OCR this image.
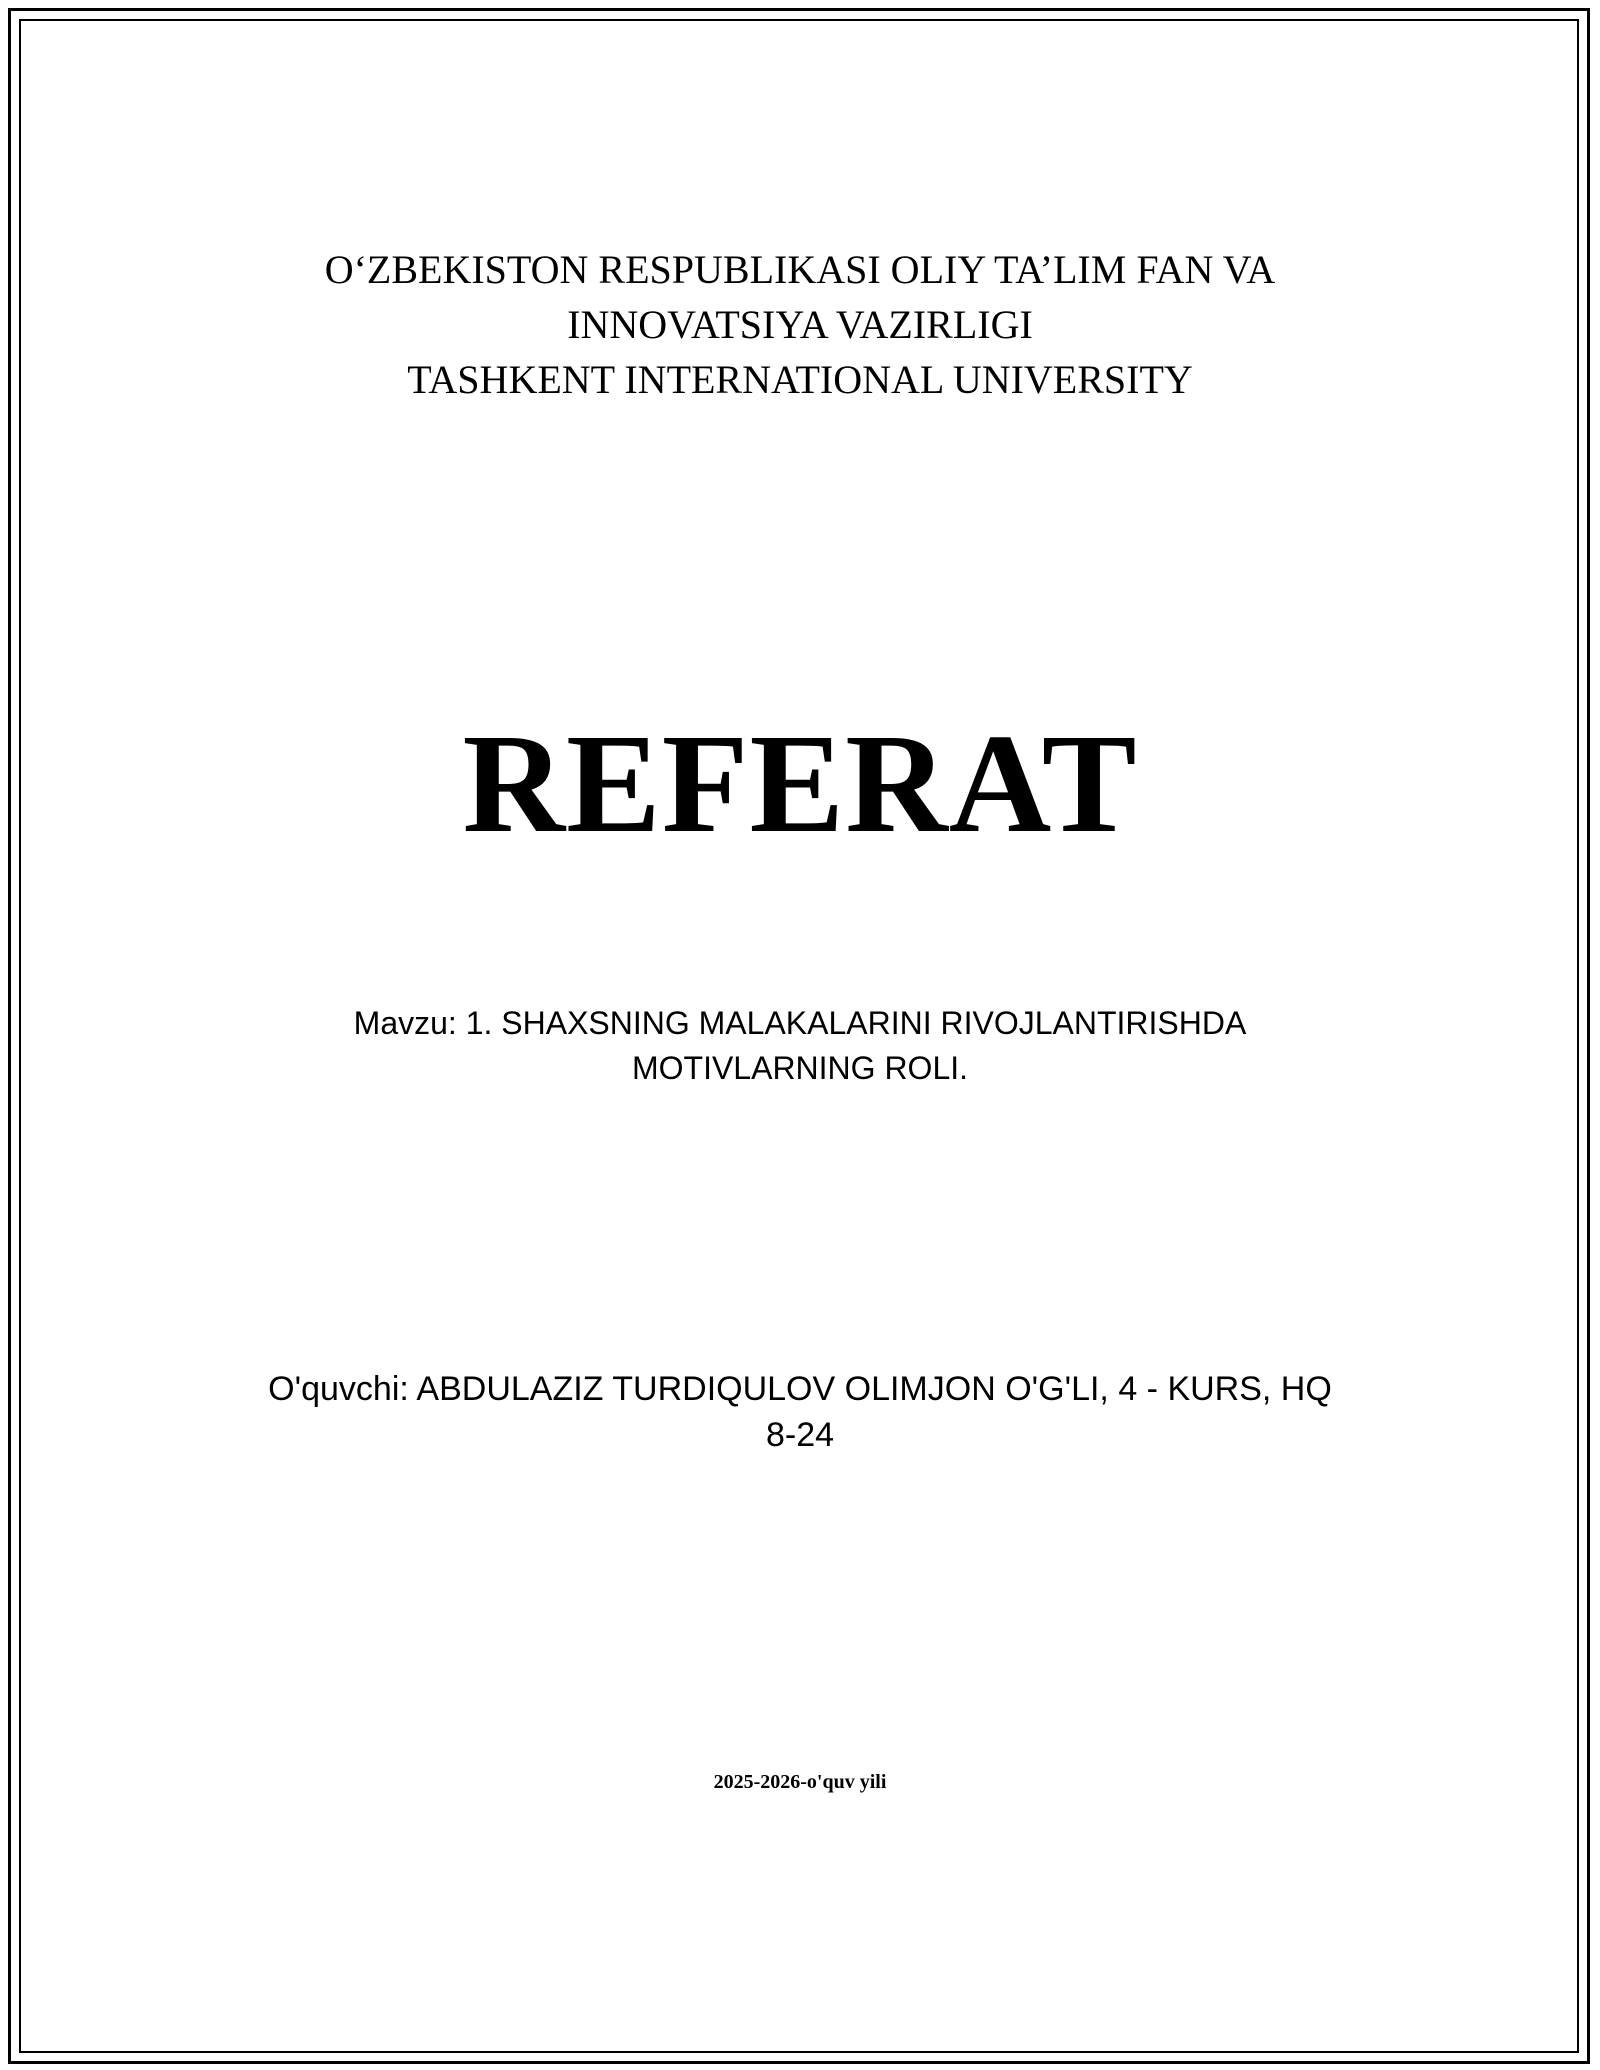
O‘ZBEKISTON RESPUBLIKASI OLIY TA’LIM FAN VA
INNOVATSIYA VAZIRLIGI
TASHKENT INTERNATIONAL UNIVERSITY
REFERAT
Mavzu: 1. SHAXSNING MALAKALARINI RIVOJLANTIRISHDA
MOTIVLARNING ROLI.
O'quvchi: ABDULAZIZ TURDIQULOV OLIMJON O'G'LI, 4 - KURS, HQ
8-24
2025-2026-o'quv yili
